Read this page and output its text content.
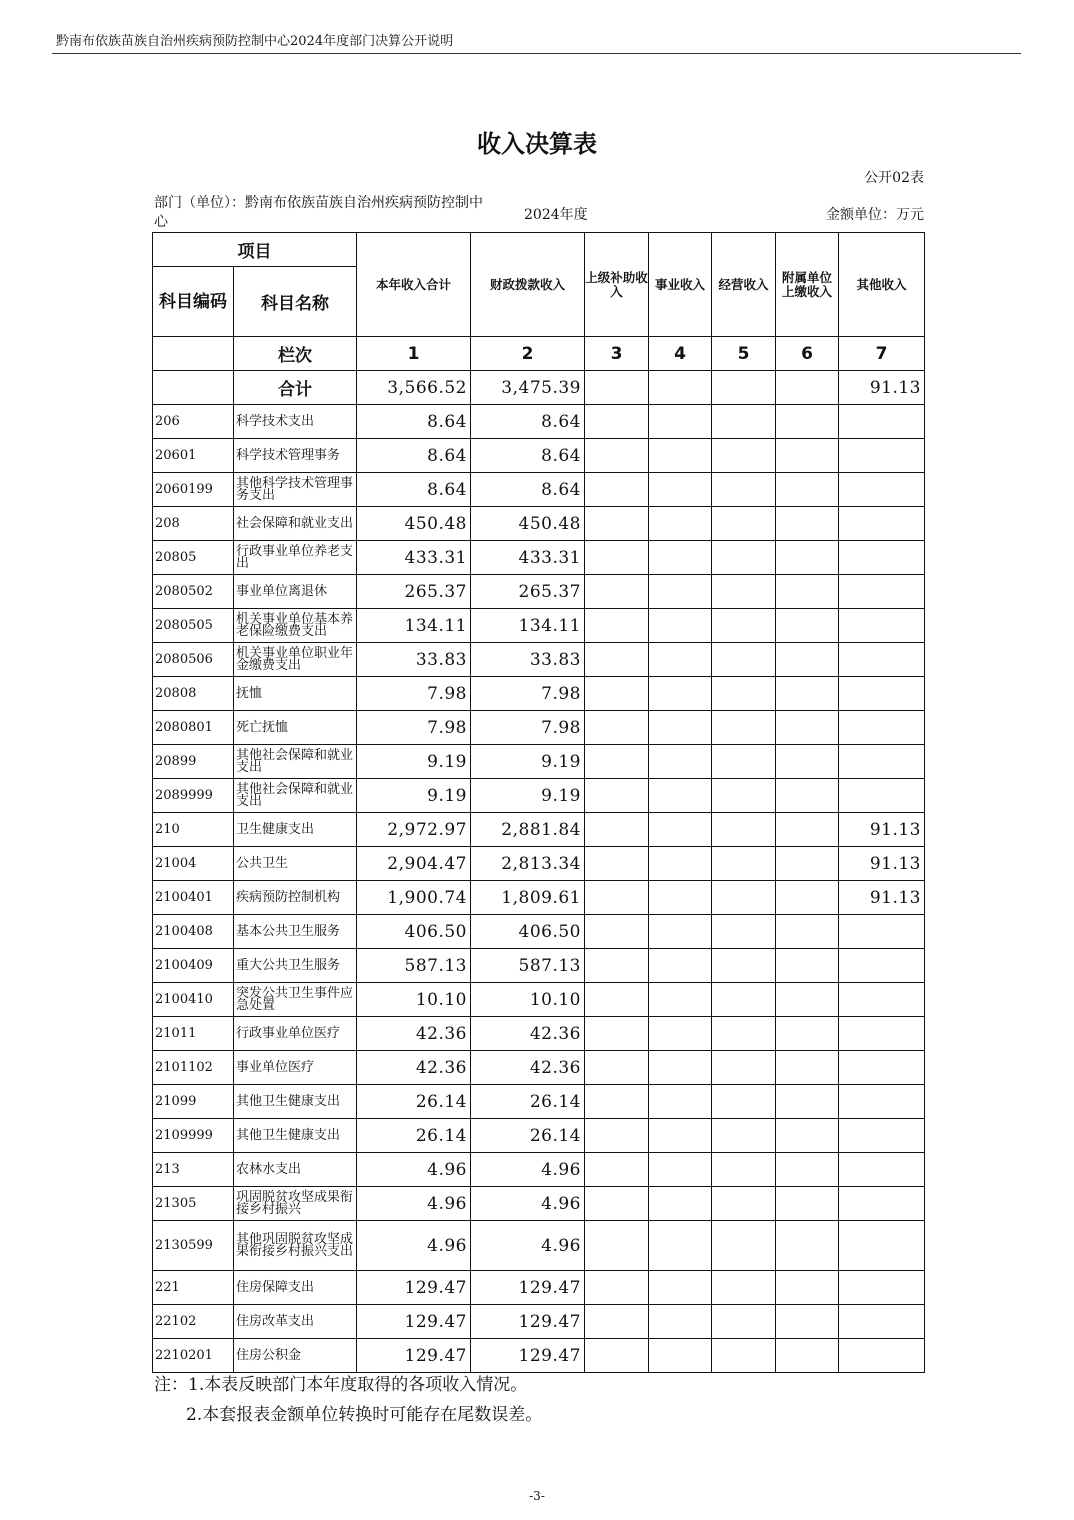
黔南布依族苗族自治州疾病预防控制中心2024年度部门决算公开说明
收入决算表
公开02表
部门（单位）：黔南布依族苗族自治州疾病预防控制中心	2024年度	金额单位：万元
项目		本年收入合计	财政拨款收入	上级补助收入	事业收入	经营收入	附属单位上缴收入	其他收入
科目编码	科目名称							
	栏次	1	2	3	4	5	6	7
	合计	3,566.52	3,475.39					91.13
206	科学技术支出	8.64	8.64					
20601	科学技术管理事务	8.64	8.64					
2060199	其他科学技术管理事务支出	8.64	8.64					
208	社会保障和就业支出	450.48	450.48					
20805	行政事业单位养老支出	433.31	433.31					
2080502	事业单位离退休	265.37	265.37					
2080505	机关事业单位基本养老保险缴费支出	134.11	134.11					
2080506	机关事业单位职业年金缴费支出	33.83	33.83					
20808	抚恤	7.98	7.98					
2080801	死亡抚恤	7.98	7.98					
20899	其他社会保障和就业支出	9.19	9.19					
2089999	其他社会保障和就业支出	9.19	9.19					
210	卫生健康支出	2,972.97	2,881.84					91.13
21004	公共卫生	2,904.47	2,813.34					91.13
2100401	疾病预防控制机构	1,900.74	1,809.61					91.13
2100408	基本公共卫生服务	406.50	406.50					
2100409	重大公共卫生服务	587.13	587.13					
2100410	突发公共卫生事件应急处置	10.10	10.10					
21011	行政事业单位医疗	42.36	42.36					
2101102	事业单位医疗	42.36	42.36					
21099	其他卫生健康支出	26.14	26.14					
2109999	其他卫生健康支出	26.14	26.14					
213	农林水支出	4.96	4.96					
21305	巩固脱贫攻坚成果衔接乡村振兴	4.96	4.96					
2130599	其他巩固脱贫攻坚成果衔接乡村振兴支出	4.96	4.96					
221	住房保障支出	129.47	129.47					
22102	住房改革支出	129.47	129.47					
2210201	住房公积金	129.47	129.47					
注：1.本表反映部门本年度取得的各项收入情况。
2.本套报表金额单位转换时可能存在尾数误差。
-3-
